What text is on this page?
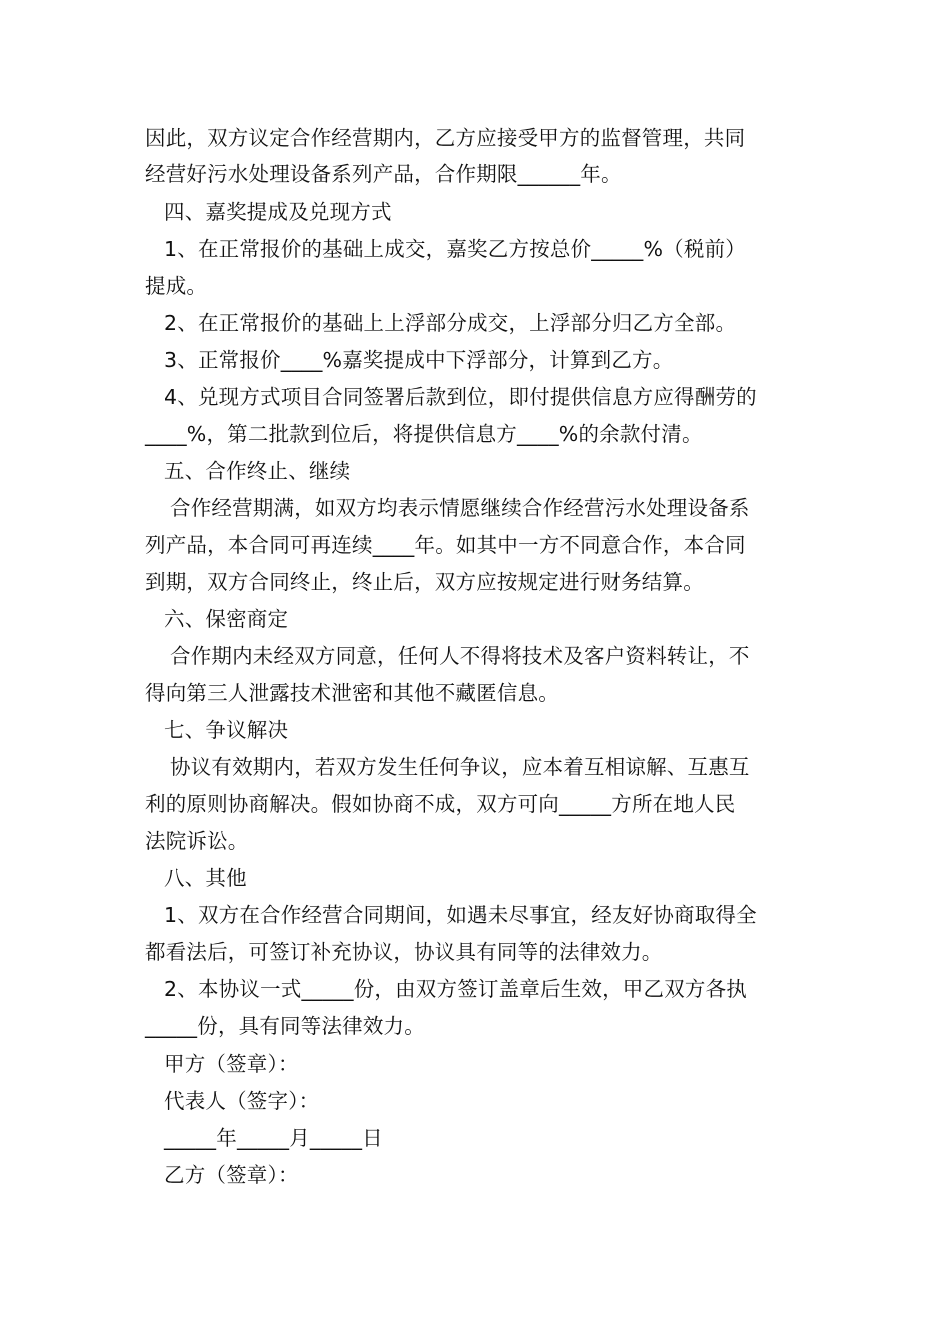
因此，双方议定合作经营期内，乙方应接受甲方的监督管理，共同
经营好污水处理设备系列产品，合作期限______年。
四、嘉奖提成及兑现方式
1、在正常报价的基础上成交，嘉奖乙方按总价_____%（税前）
提成。
2、在正常报价的基础上上浮部分成交，上浮部分归乙方全部。
3、正常报价____%嘉奖提成中下浮部分，计算到乙方。
4、兑现方式项目合同签署后款到位，即付提供信息方应得酬劳的
____%，第二批款到位后，将提供信息方____%的余款付清。
五、合作终止、继续
合作经营期满，如双方均表示情愿继续合作经营污水处理设备系
列产品，本合同可再连续____年。如其中一方不同意合作，本合同
到期，双方合同终止，终止后，双方应按规定进行财务结算。
六、保密商定
合作期内未经双方同意，任何人不得将技术及客户资料转让，不
得向第三人泄露技术泄密和其他不藏匿信息。
七、争议解决
协议有效期内，若双方发生任何争议，应本着互相谅解、互惠互
利的原则协商解决。假如协商不成，双方可向_____方所在地人民
法院诉讼。
八、其他
1、双方在合作经营合同期间，如遇未尽事宜，经友好协商取得全
都看法后，可签订补充协议，协议具有同等的法律效力。
2、本协议一式_____份，由双方签订盖章后生效，甲乙双方各执
_____份，具有同等法律效力。
甲方（签章）：
代表人（签字）：
_____年_____月_____日
乙方（签章）：
